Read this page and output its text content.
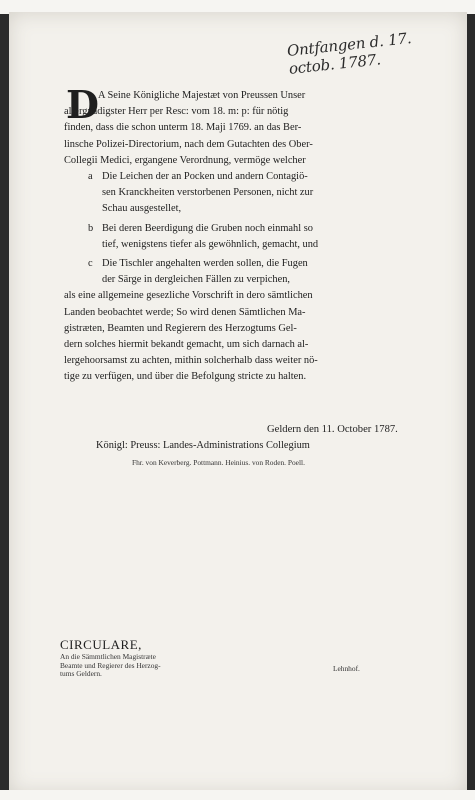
Ontfangen d. 17. octob. 1787.
D A Seine Königliche Majestæt von Preussen Unser
allergnädigster Herr per Resc: vom 18. m: p: für nötig
finden, dass die schon unterm 18. Maji 1769. an das Ber-
linsche Polizei-Directorium, nach dem Gutachten des Ober-
Collegii Medici, ergangene Verordnung, vermöge welcher
a Die Leichen der an Pocken und andern Contagiö-
sen Kranckheiten verstorbenen Personen, nicht zur
Schau ausgestellet,
b Bei deren Beerdigung die Gruben noch einmahl so
tief, wenigstens tiefer als gewöhnlich, gemacht, und
c Die Tischler angehalten werden sollen, die Fugen
der Särge in dergleichen Fällen zu verpichen,
als eine allgemeine gesezliche Vorschrift in dero sämtlichen
Landen beobachtet werde; So wird denen Sämtlichen Ma-
gistræten, Beamten und Regierern des Herzogtums Gel-
dern solches hiermit bekandt gemacht, um sich darnach al-
lergehoorsamst zu achten, mithin solcherhalb dass weiter nö-
tige zu verfügen, und über die Befolgung stricte zu halten.
Geldern den 11. October 1787.
Königl: Preuss: Landes-Administrations Collegium
Fhr. von Keverberg. Pottmann. Heinius. von Roden. Poell.
CIRCULARE,
An die Sämmtlichen Magistræte
Beamte und Regierer des Herzog-
tums Geldern.
Lehnhof.
